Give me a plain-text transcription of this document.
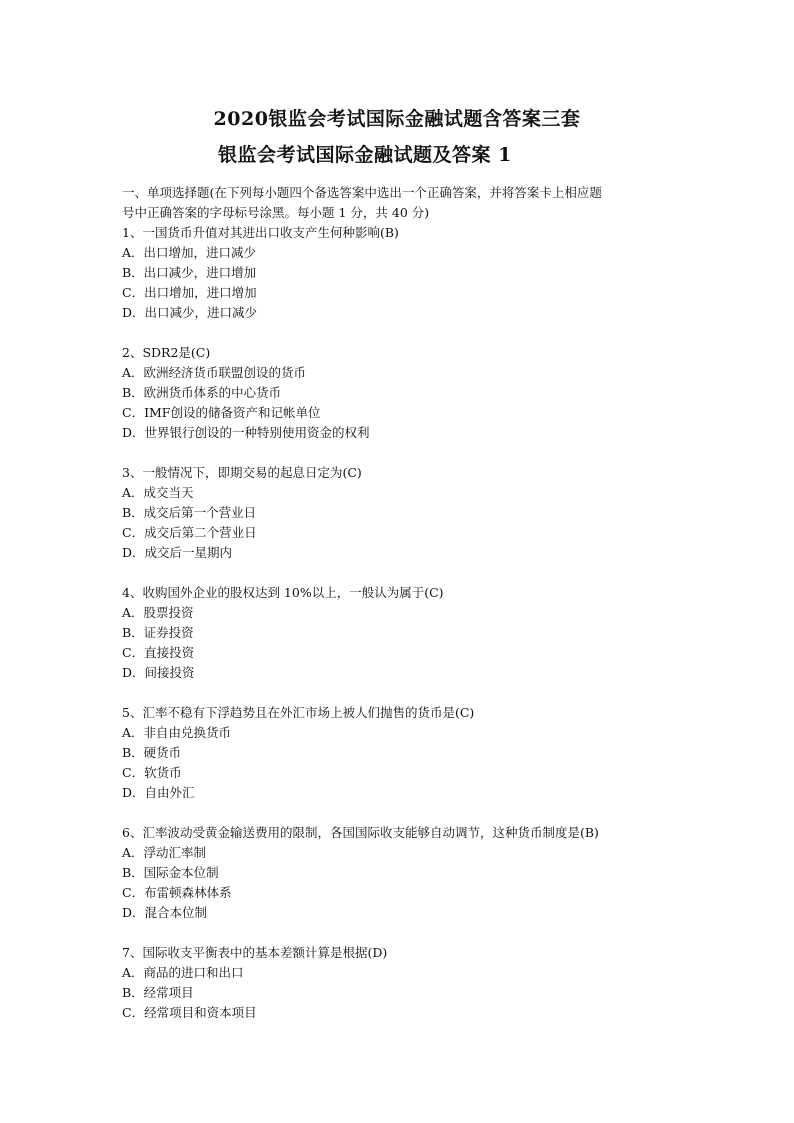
2020银监会考试国际金融试题含答案三套
银监会考试国际金融试题及答案 1

一、单项选择题(在下列每小题四个备选答案中选出一个正确答案，并将答案卡上相应题

号中正确答案的字母标号涂黑。每小题 1 分，共 40 分)

1、一国货币升值对其进出口收支产生何种影响(B)

A．出口增加，进口减少

B．出口减少，进口增加

C．出口增加，进口增加

D．出口减少，进口减少

2、SDR2是(C)

A．欧洲经济货币联盟创设的货币

B．欧洲货币体系的中心货币

C．IMF创设的储备资产和记帐单位

D．世界银行创设的一种特别使用资金的权利

3、一般情况下，即期交易的起息日定为(C)

A．成交当天

B．成交后第一个营业日

C．成交后第二个营业日

D．成交后一星期内

4、收购国外企业的股权达到 10%以上，一般认为属于(C)

A．股票投资

B．证券投资

C．直接投资

D．间接投资

5、汇率不稳有下浮趋势且在外汇市场上被人们抛售的货币是(C)

A．非自由兑换货币

B．硬货币

C．软货币

D．自由外汇

6、汇率波动受黄金输送费用的限制，各国国际收支能够自动调节，这种货币制度是(B)

A．浮动汇率制

B．国际金本位制

C．布雷顿森林体系

D．混合本位制

7、国际收支平衡表中的基本差额计算是根据(D)

A．商品的进口和出口

B．经常项目

C．经常项目和资本项目
